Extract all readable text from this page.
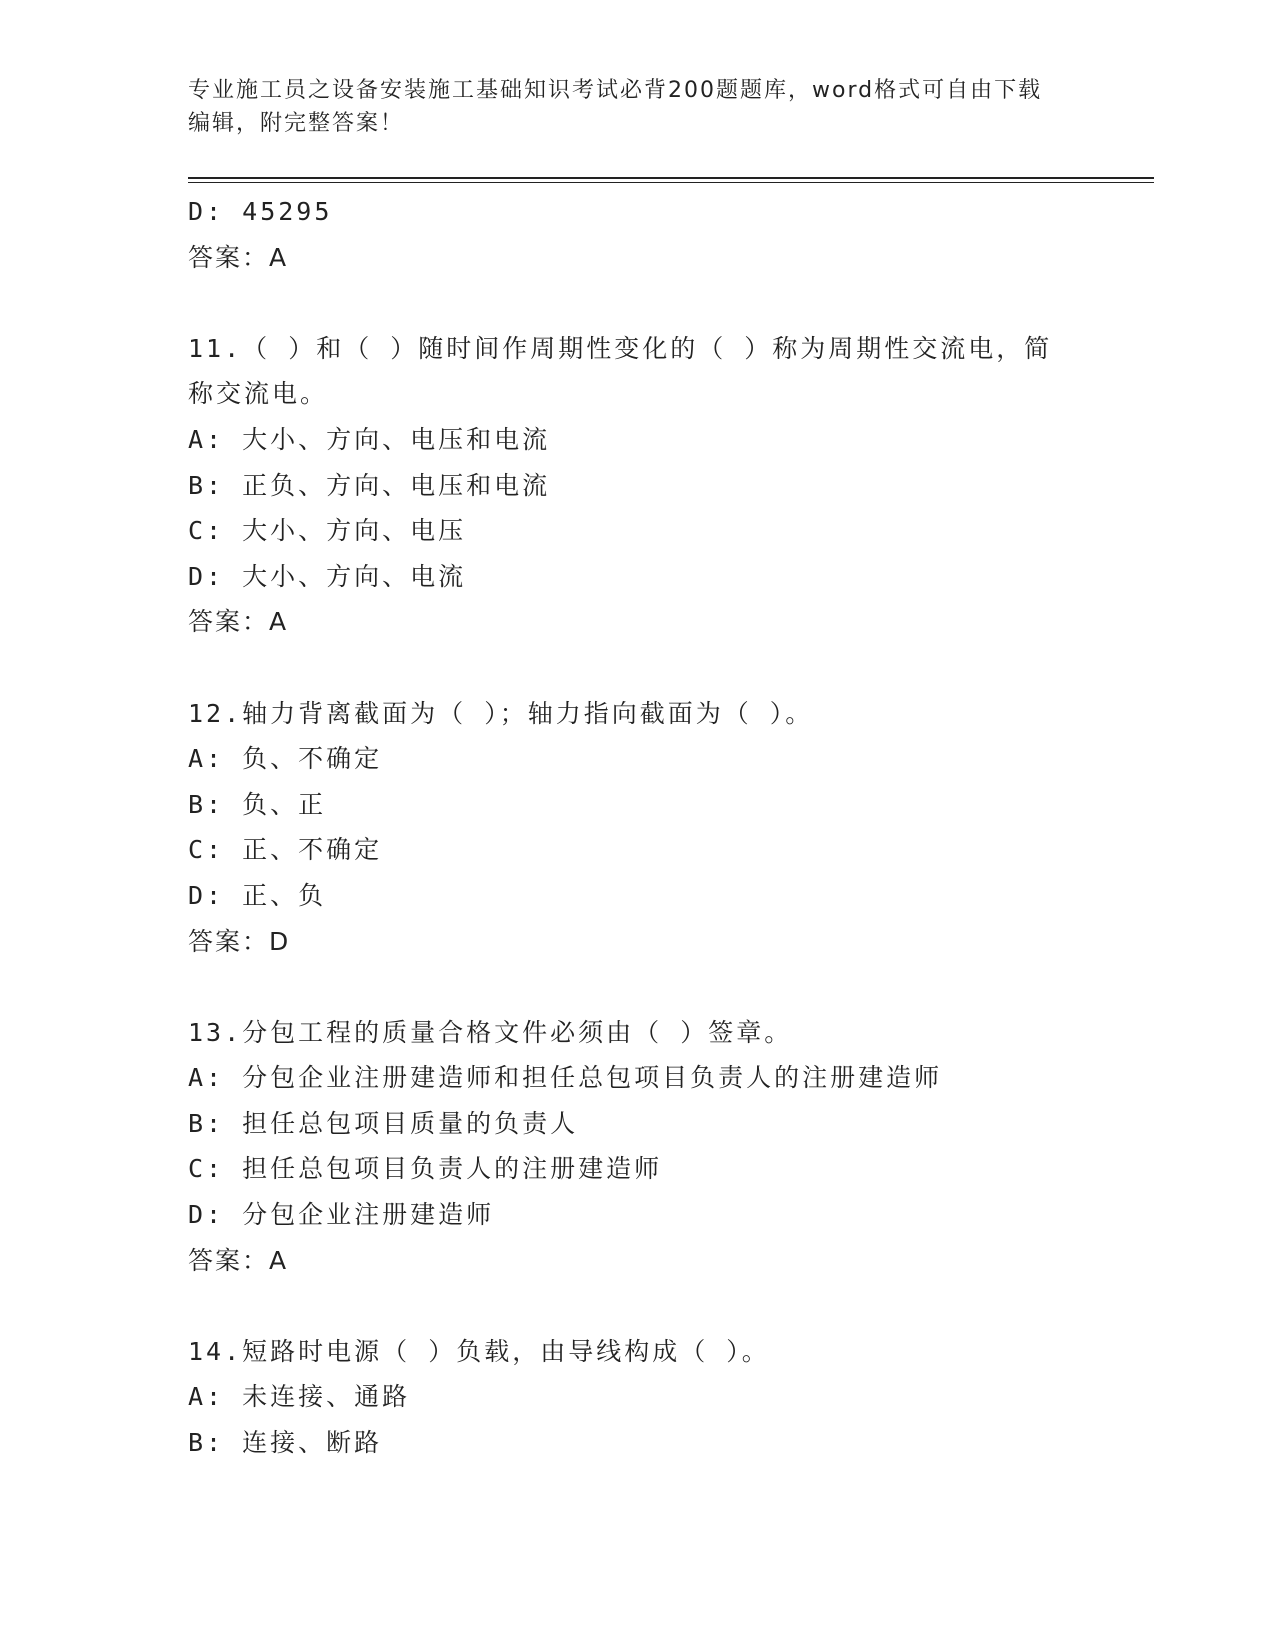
专业施工员之设备安装施工基础知识考试必背200题题库，word格式可自由下载
编辑，附完整答案！
D: 45295
答案：A
11.（ ）和（ ）随时间作周期性变化的（ ）称为周期性交流电，简
称交流电。
A: 大小、方向、电压和电流
B: 正负、方向、电压和电流
C: 大小、方向、电压
D: 大小、方向、电流
答案：A
12.轴力背离截面为（ ）；轴力指向截面为（ ）。
A: 负、不确定
B: 负、正
C: 正、不确定
D: 正、负
答案：D
13.分包工程的质量合格文件必须由（ ）签章。
A: 分包企业注册建造师和担任总包项目负责人的注册建造师
B: 担任总包项目质量的负责人
C: 担任总包项目负责人的注册建造师
D: 分包企业注册建造师
答案：A
14.短路时电源（ ）负载，由导线构成（ ）。
A: 未连接、通路
B: 连接、断路
